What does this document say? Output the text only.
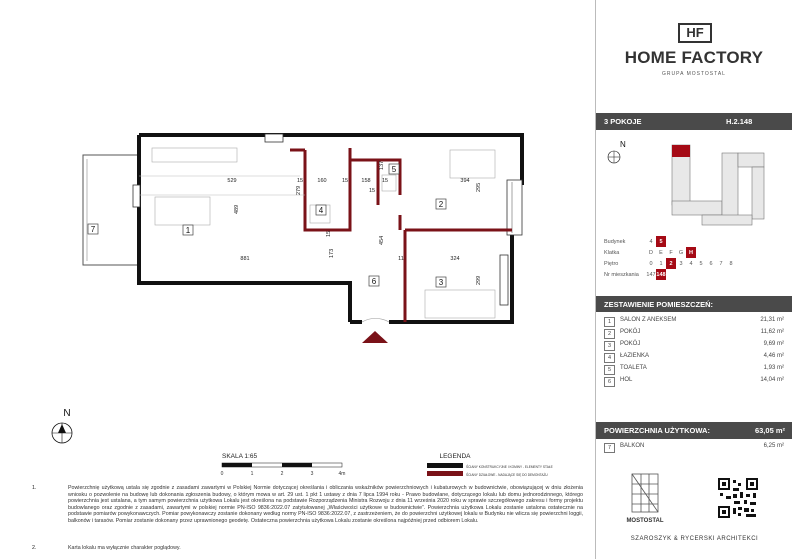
1
2
3
4
5
6
7
529
489
881
15	160	15 158 15	394
295
137
279	15
15
173
454
11	324
299
N
SKALA 1:65
0	1	2	3	4m
LEGENDA
ŚCIANY KONSTRUKCYJNE I KOMINY - ELEMENTY STAŁE
ŚCIANY DZIAŁOWE - NADAJĄCE SIĘ DO DEMONTAŻU
1.	Powierzchnię użytkową ustala się zgodnie z zasadami zawartymi w Polskiej Normie dotyczącej określania i obliczania wskaźników powierzchniowych i kubaturowych w budownictwie, obowiązującej w dniu złożenia wniosku o pozwolenie na budowę lub dokonania zgłoszenia budowy, o którym mowa w art. 29 ust. 1 pkt 1 ustawy z dnia 7 lipca 1994 roku - Prawo budowlane, dotyczącego lokalu lub domu jednorodzinnego, którego powierzchnia jest ustalana, a tym samym powierzchnia użytkowa Lokalu jest określona na podstawie Rozporządzenia Ministra Rozwoju z dnia 11 września 2020 roku w sprawie szczegółowego zakresu i formy projektu budowlanego oraz zgodnie z zasadami, zawartymi w polskiej normie PN-ISO 9836:2022.07 zatytułowanej „Właściwości użytkowe w budownictwie”. Powierzchnia użytkowa Lokalu zostanie ustalona ostatecznie na podstawie pomiarów powykonawczych. Pomiar powykonawczy zostanie dokonany według normy PN-ISO 9836:2022.07, z zastrzeżeniem, że do powierzchni użytkowej lokalu w Budynku nie wlicza się powierzchni loggii, balkonów i tarasów. Pomiar zostanie dokonany przez uprawnionego geodetę. Ostateczna powierzchnia użytkowa Lokalu zostanie określona najpóźniej przed odbiorem Lokalu.
2.	Karta lokalu ma wyłącznie charakter poglądowy.
HF
HOME FACTORY
GRUPA MOSTOSTAL
3 POKOJE	H.2.148
N
Budynek	4	5							
Klatka	D	E	F	G	H				
Piętro	0	1	2	3	4	5	6	7	8
Nr mieszkania	147	148							
ZESTAWIENIE POMIESZCZEŃ:
1	SALON Z ANEKSEM	21,31 m²
2	POKÓJ	11,62 m²
3	POKÓJ	9,69 m²
4	ŁAZIENKA	4,46 m²
5	TOALETA	1,93 m²
6	HOL	14,04 m²
POWIERZCHNIA UŻYTKOWA:	63,05 m²
7	BALKON	6,25 m²
MOSTOSTAL
SZAROSZYK & RYCERSKI ARCHITEKCI
